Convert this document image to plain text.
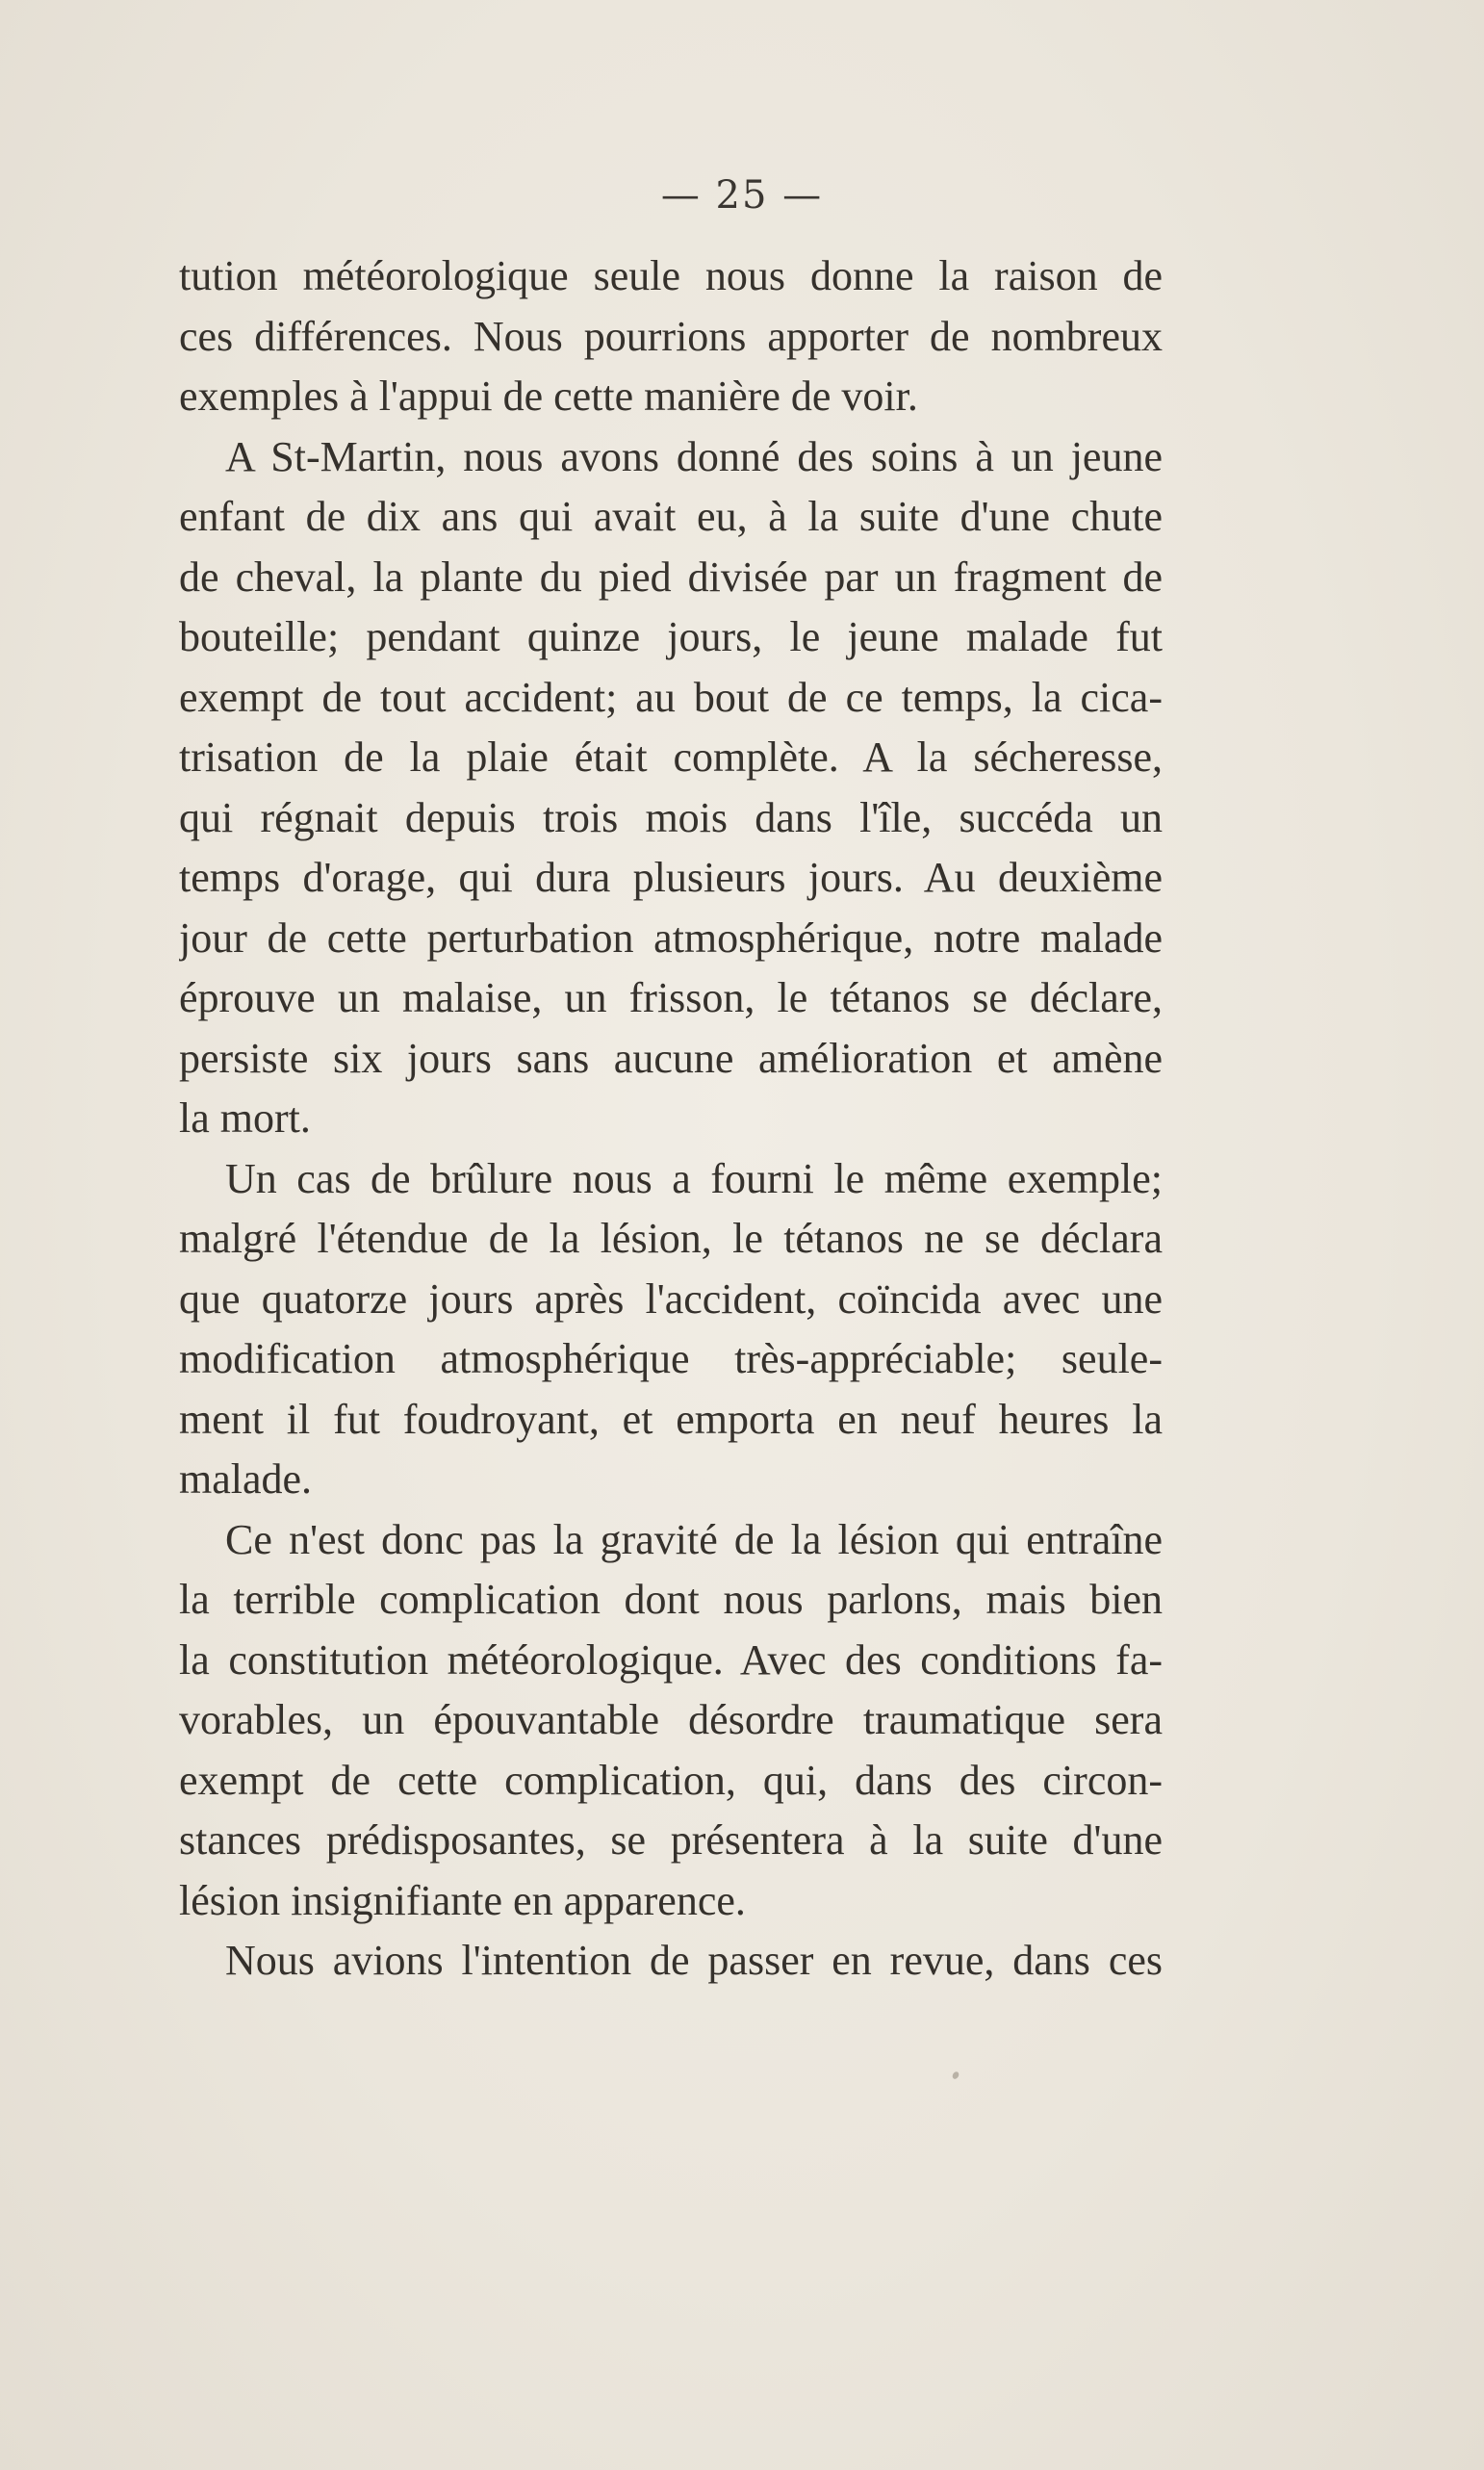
— 25 —
tution météorologique seule nous donne la raison de
ces différences. Nous pourrions apporter de nombreux
exemples à l'appui de cette manière de voir.
A St-Martin, nous avons donné des soins à un jeune
enfant de dix ans qui avait eu, à la suite d'une chute
de cheval, la plante du pied divisée par un fragment de
bouteille; pendant quinze jours, le jeune malade fut
exempt de tout accident; au bout de ce temps, la cica-
trisation de la plaie était complète. A la sécheresse,
qui régnait depuis trois mois dans l'île, succéda un
temps d'orage, qui dura plusieurs jours. Au deuxième
jour de cette perturbation atmosphérique, notre malade
éprouve un malaise, un frisson, le tétanos se déclare,
persiste six jours sans aucune amélioration et amène
la mort.
Un cas de brûlure nous a fourni le même exemple;
malgré l'étendue de la lésion, le tétanos ne se déclara
que quatorze jours après l'accident, coïncida avec une
modification atmosphérique très-appréciable; seule-
ment il fut foudroyant, et emporta en neuf heures la
malade.
Ce n'est donc pas la gravité de la lésion qui entraîne
la terrible complication dont nous parlons, mais bien
la constitution météorologique. Avec des conditions fa-
vorables, un épouvantable désordre traumatique sera
exempt de cette complication, qui, dans des circon-
stances prédisposantes, se présentera à la suite d'une
lésion insignifiante en apparence.
Nous avions l'intention de passer en revue, dans ces
